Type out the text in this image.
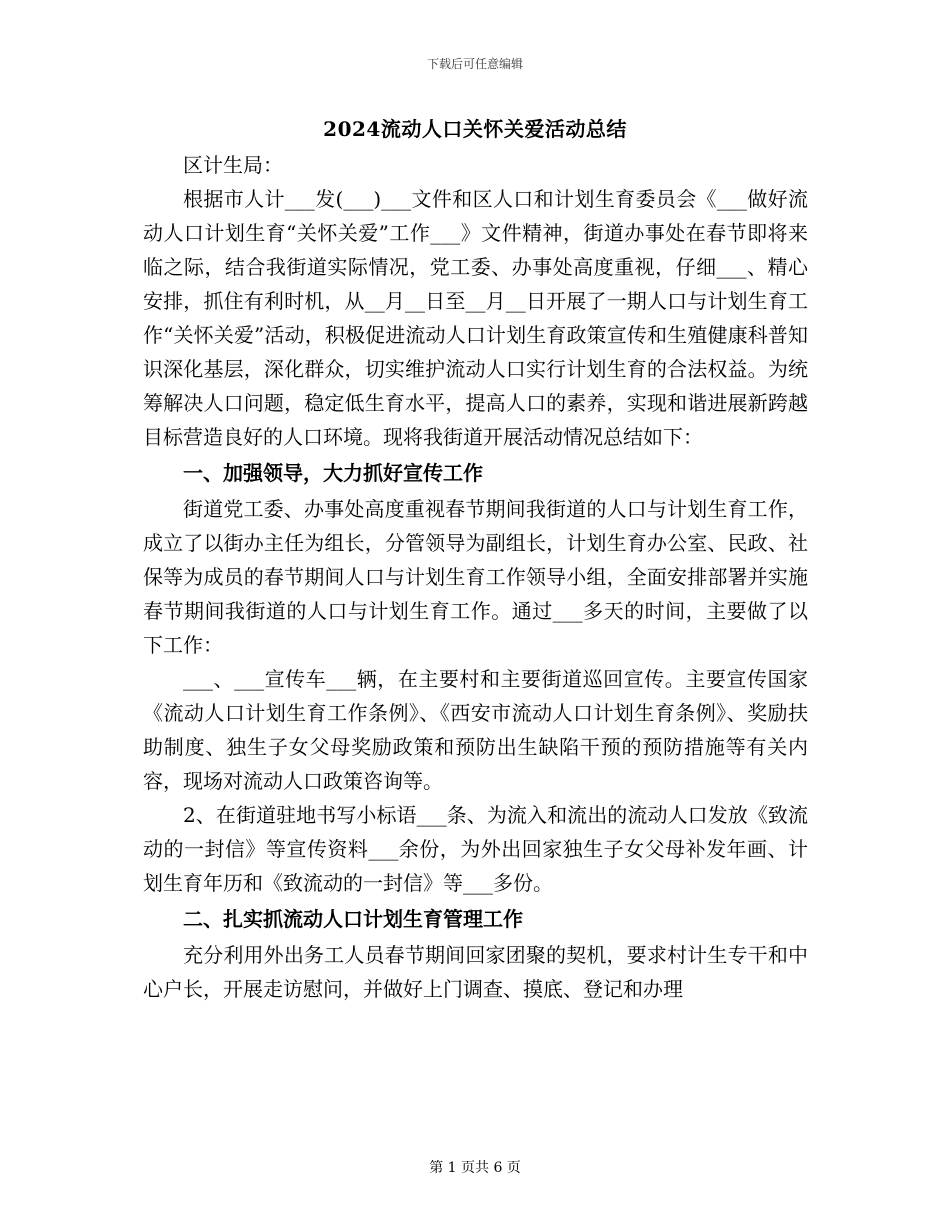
下载后可任意编辑
2024流动人口关怀关爱活动总结

区计生局：

根据市人计___发(___)___文件和区人口和计划生育委员会《___做好流动人口计划生育“关怀关爱”工作___》文件精神，街道办事处在春节即将来临之际，结合我街道实际情况，党工委、办事处高度重视，仔细___、精心安排，抓住有利时机，从__月__日至__月__日开展了一期人口与计划生育工作“关怀关爱”活动，积极促进流动人口计划生育政策宣传和生殖健康科普知识深化基层，深化群众，切实维护流动人口实行计划生育的合法权益。为统筹解决人口问题，稳定低生育水平，提高人口的素养，实现和谐进展新跨越目标营造良好的人口环境。现将我街道开展活动情况总结如下：

一、加强领导，大力抓好宣传工作

街道党工委、办事处高度重视春节期间我街道的人口与计划生育工作，成立了以街办主任为组长，分管领导为副组长，计划生育办公室、民政、社保等为成员的春节期间人口与计划生育工作领导小组，全面安排部署并实施春节期间我街道的人口与计划生育工作。通过___多天的时间，主要做了以下工作：

___、___宣传车___辆，在主要村和主要街道巡回宣传。主要宣传国家《流动人口计划生育工作条例》、《西安市流动人口计划生育条例》、奖励扶助制度、独生子女父母奖励政策和预防出生缺陷干预的预防措施等有关内容，现场对流动人口政策咨询等。

2、在街道驻地书写小标语___条、为流入和流出的流动人口发放《致流动的一封信》等宣传资料___余份，为外出回家独生子女父母补发年画、计划生育年历和《致流动的一封信》等___多份。

二、扎实抓流动人口计划生育管理工作

充分利用外出务工人员春节期间回家团聚的契机，要求村计生专干和中心户长，开展走访慰问，并做好上门调查、摸底、登记和办理

第 1 页共 6 页
